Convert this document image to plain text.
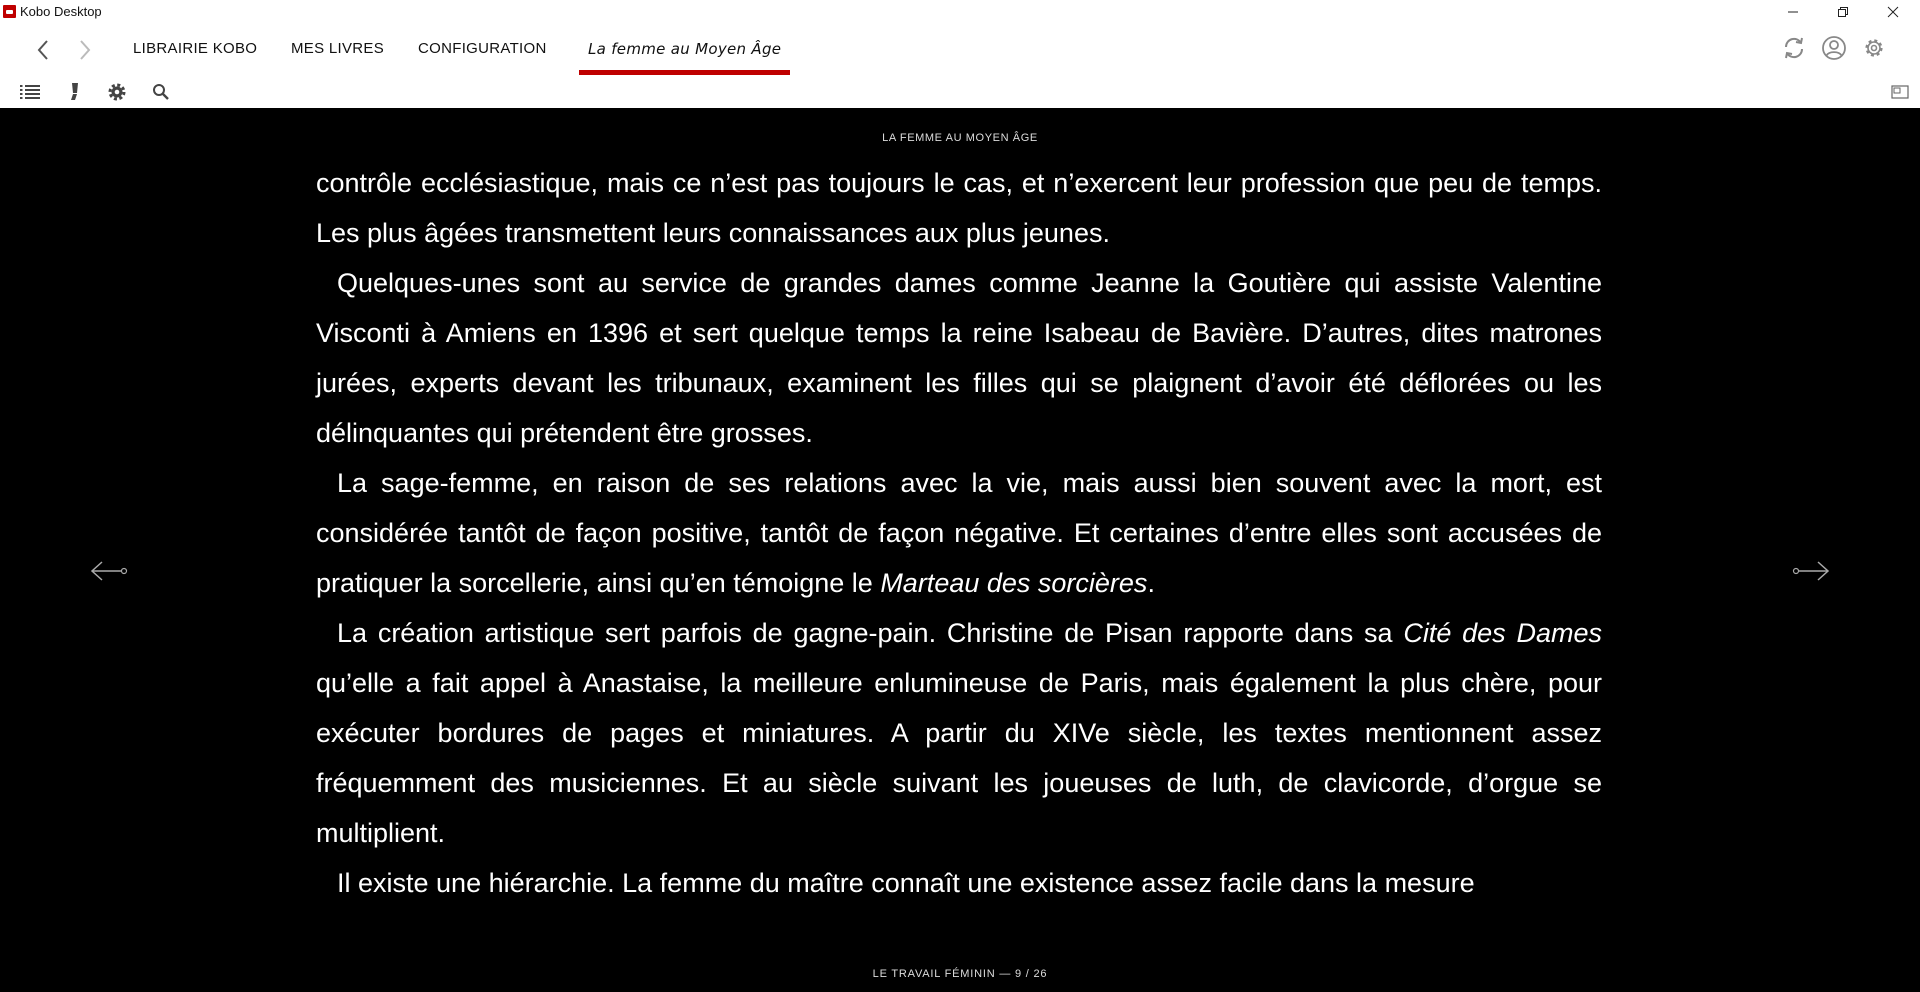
Kobo Desktop
LIBRAIRIE KOBO MES LIVRES CONFIGURATION	La femme au Moyen Âge
LA FEMME AU MOYEN ÂGE

contrôle ecclésiastique, mais ce n’est pas toujours le cas, et n’exercent leur profession que peu de temps. Les plus âgées transmettent leurs connaissances aux plus jeunes.

Quelques-unes sont au service de grandes dames comme Jeanne la Goutière qui assiste Valentine Visconti à Amiens en 1396 et sert quelque temps la reine Isabeau de Bavière. D’autres, dites matrones jurées, experts devant les tribunaux, examinent les filles qui se plaignent d’avoir été déflorées ou les délinquantes qui prétendent être grosses.

La sage-femme, en raison de ses relations avec la vie, mais aussi bien souvent avec la mort, est considérée tantôt de façon positive, tantôt de façon négative. Et certaines d’entre elles sont accusées de pratiquer la sorcellerie, ainsi qu’en témoigne le Marteau des sorcières.

La création artistique sert parfois de gagne-pain. Christine de Pisan rapporte dans sa Cité des Dames qu’elle a fait appel à Anastaise, la meilleure enlumineuse de Paris, mais également la plus chère, pour exécuter bordures de pages et miniatures. A partir du XIVe siècle, les textes mentionnent assez fréquemment des musiciennes. Et au siècle suivant les joueuses de luth, de clavicorde, d’orgue se multiplient.

Il existe une hiérarchie. La femme du maître connaît une existence assez facile dans la mesure

LE TRAVAIL FÉMININ — 9 / 26
